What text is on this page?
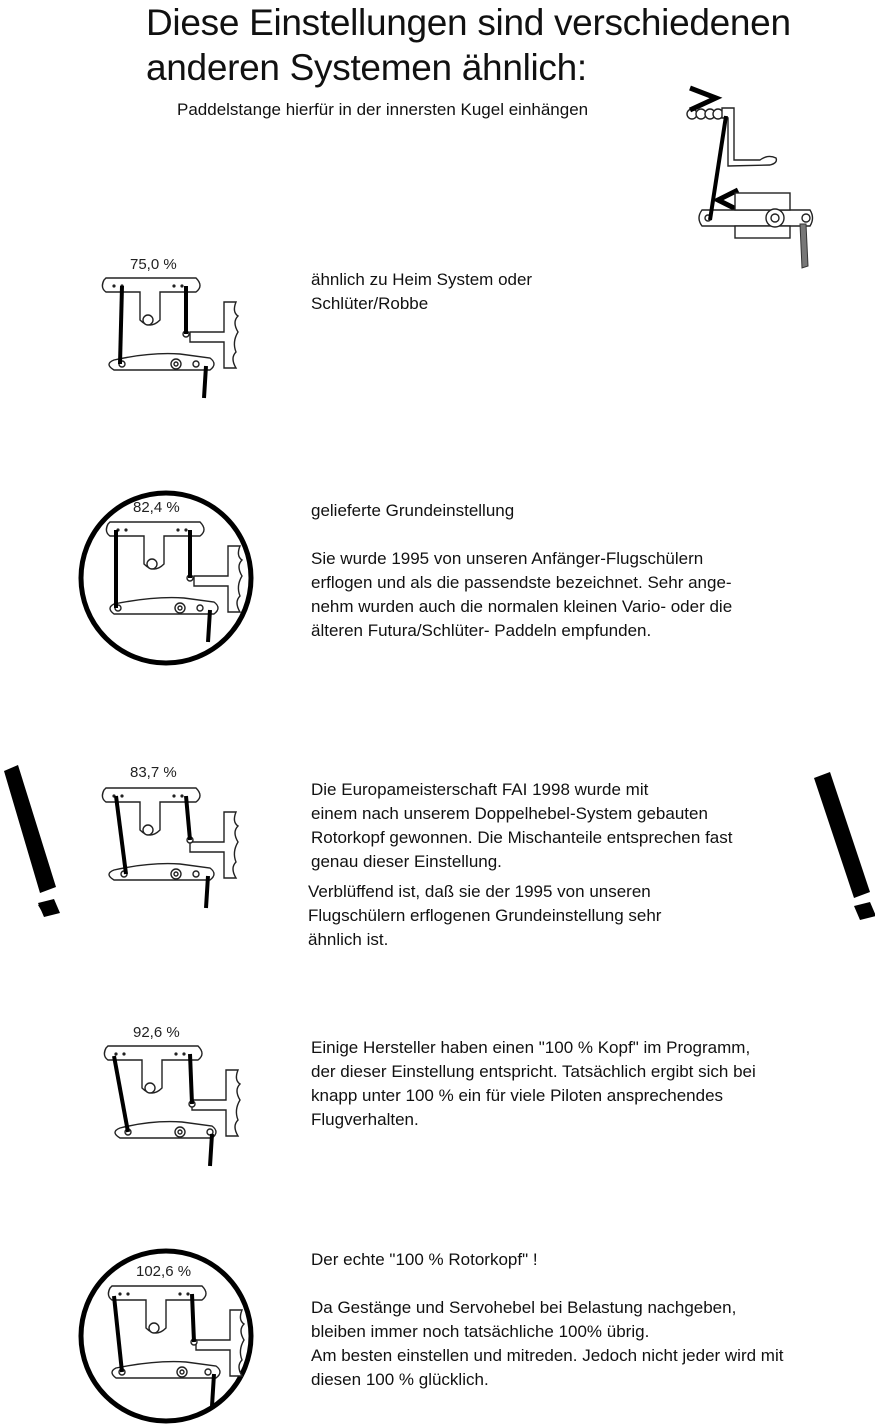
Diese Einstellungen sind verschiedenen
anderen Systemen ähnlich:
Paddelstange hierfür in der innersten Kugel einhängen
75,0 %

ähnlich zu Heim System oder

Schlüter/Robbe

82,4 %	gelieferte Grundeinstellung

Sie wurde 1995 von unseren Anfänger-Flugschülern

erflogen und als die passendste bezeichnet. Sehr ange-

nehm wurden auch die normalen kleinen Vario- oder die

älteren Futura/Schlüter- Paddeln empfunden.

83,7 %

Die Europameisterschaft FAI 1998 wurde mit

einem nach unserem Doppelhebel-System gebauten

Rotorkopf gewonnen. Die Mischanteile entsprechen fast

genau dieser Einstellung.

Verblüffend ist, daß sie der 1995 von unseren

Flugschülern erflogenen Grundeinstellung sehr

ähnlich ist.

92,6 %

Einige Hersteller haben einen "100 % Kopf" im Programm,

der dieser Einstellung entspricht. Tatsächlich ergibt sich bei

knapp unter 100 % ein für viele Piloten ansprechendes

Flugverhalten.

102,6 %

Der echte "100 % Rotorkopf" !

Da Gestänge und Servohebel bei Belastung nachgeben,

bleiben immer noch tatsächliche 100% übrig.

Am besten einstellen und mitreden. Jedoch nicht jeder wird mit

diesen 100 % glücklich.
